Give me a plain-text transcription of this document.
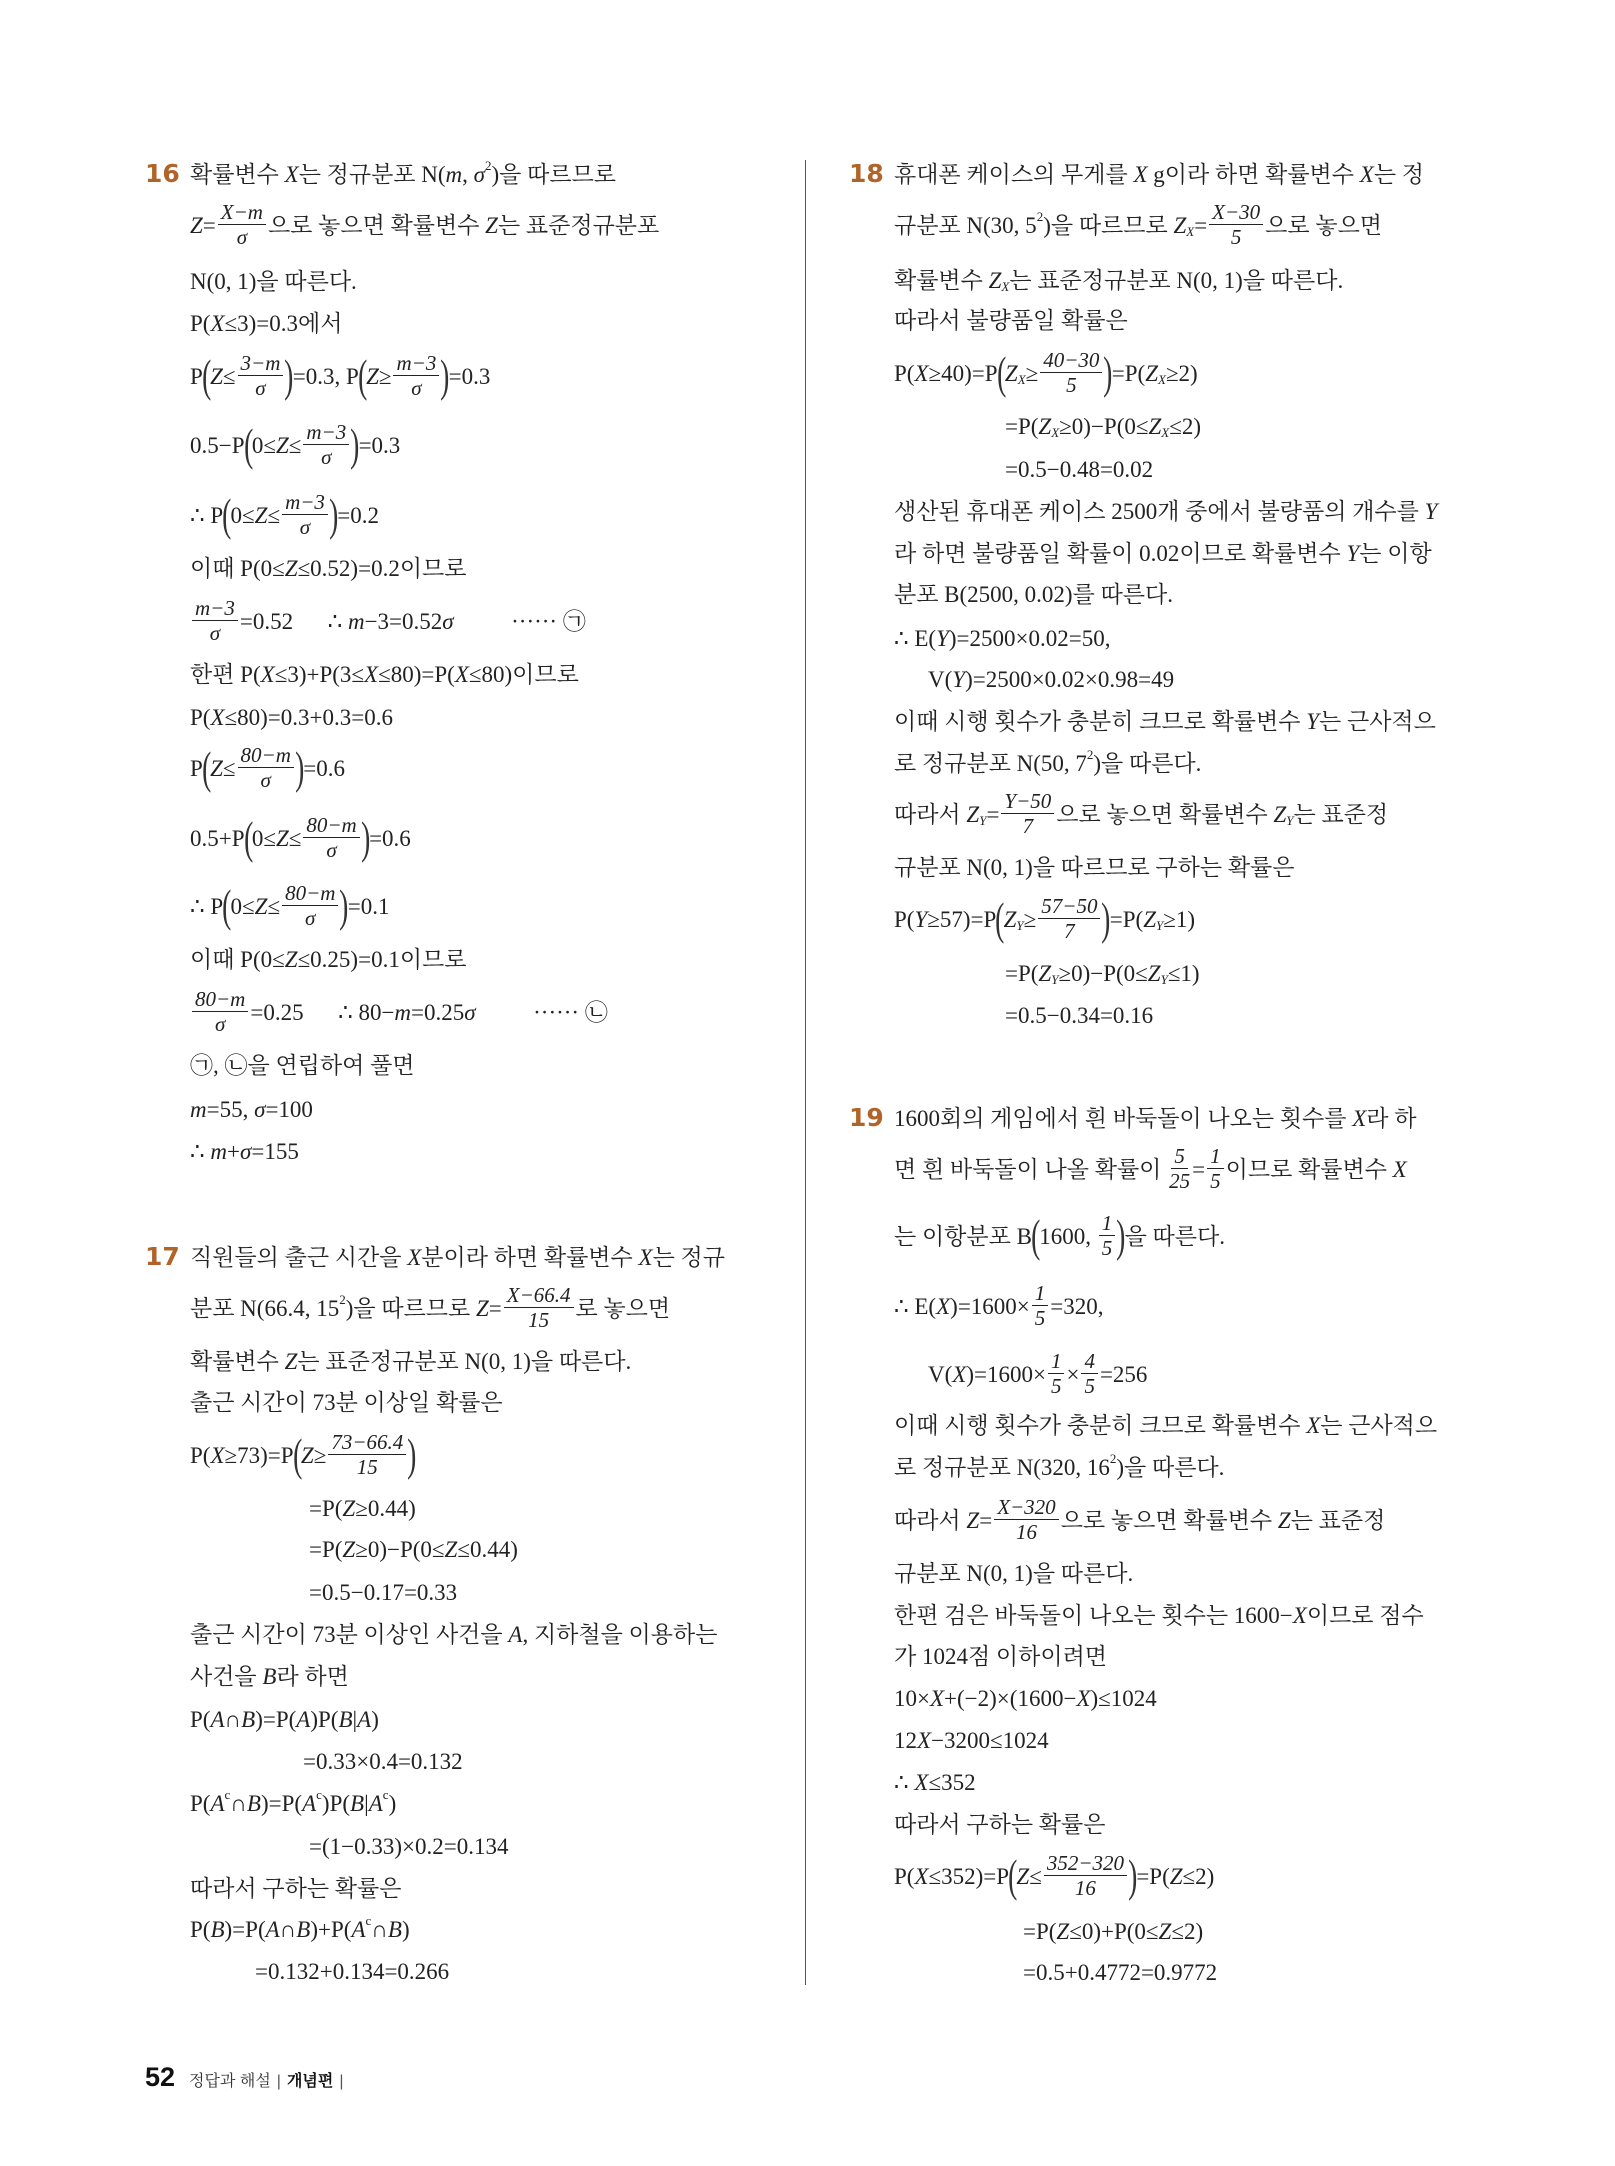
52 정답과 해설 | 개념편 |
16 확률변수 X 는 정규분포 N( m , σ 2 )을 따르므로
$Z = \frac{X-m}{\sigma}$ 으로 놓으면 확률변수 Z 는 표준정규분포
N(0, 1)을 따른다.
P( X ≤3)=0.3에서
P ( $Z \le \frac{3-m}{\sigma}$ ) =0.3, P ( $Z \ge \frac{m-3}{\sigma}$ ) =0.3
0.5−P ( $0\le Z \le \frac{m-3}{\sigma}$ ) =0.3
∴ P ( $0\le Z \le \frac{m-3}{\sigma}$ ) =0.2
이때 P(0≤ Z ≤0.52)=0.2이므로
$\frac{m-3}{\sigma} =0.52$      ∴ m −3=0.52 σ ······ ㉠
한편 P( X ≤3)+P(3≤ X ≤80)=P( X ≤80)이므로
P( X ≤80)=0.3+0.3=0.6
P ( $Z \le \frac{80-m}{\sigma}$ ) =0.6
0.5+P ( $0\le Z \le \frac{80-m}{\sigma}$ ) =0.6
∴ P ( $0\le Z \le \frac{80-m}{\sigma}$ ) =0.1
이때 P(0≤ Z ≤0.25)=0.1이므로
$\frac{80-m}{\sigma} =0.25$      ∴ 80− m =0.25 σ ······ ㉡
㉠, ㉡을 연립하여 풀면
m =55, σ =100
∴ m + σ =155
17 직원들의 출근 시간을 X 분이라 하면 확률변수 X 는 정규
분포 N(66.4, 15 2 )을 따르므로 $Z = \frac{X-66.4}{15}$ 로 놓으면
확률변수 Z 는 표준정규분포 N(0, 1)을 따른다.
출근 시간이 73분 이상일 확률은
P( X ≥73)=P ( $Z \ge \frac{73-66.4}{15}$ )
=P( Z ≥0.44)
=P( Z ≥0)−P(0≤ Z ≤0.44)
=0.5−0.17=0.33
출근 시간이 73분 이상인 사건을 A , 지하철을 이용하는
사건을 B 라 하면
P( A ∩ B )=P( A )P( B | A )
=0.33×0.4=0.132
P( A c ∩ B )=P( A c )P( B | A c )
=(1−0.33)×0.2=0.134
따라서 구하는 확률은
P( B )=P( A ∩ B )+P( A c ∩ B )
=0.132+0.134=0.266
18 휴대폰 케이스의 무게를 X g이라 하면 확률변수 X 는 정
규분포 N(30, 5 2 )을 따르므로 Z $X = \frac{X-30}{5}$ 으로 놓으면
확률변수 Z X 는 표준정규분포 N(0, 1)을 따른다.
따라서 불량품일 확률은
P( X ≥40)=P ( Z $X \ge \frac{40-30}{5}$ ) =P( Z X ≥2)
=P( Z X ≥0)−P(0≤ Z X ≤2)
=0.5−0.48=0.02
생산된 휴대폰 케이스 2500개 중에서 불량품의 개수를 Y
라 하면 불량품일 확률이 0.02이므로 확률변수 Y 는 이항
분포 B(2500, 0.02)를 따른다.
∴ E( Y )=2500×0.02=50,
V( Y )=2500×0.02×0.98=49
이때 시행 횟수가 충분히 크므로 확률변수 Y 는 근사적으
로 정규분포 N(50, 7 2 )을 따른다.
따라서 Z $Y = \frac{Y-50}{7}$ 으로 놓으면 확률변수 Z Y 는 표준정
규분포 N(0, 1)을 따르므로 구하는 확률은
P( Y ≥57)=P ( Z $Y \ge \frac{57-50}{7}$ ) =P( Z Y ≥1)
=P( Z Y ≥0)−P(0≤ Z Y ≤1)
=0.5−0.34=0.16
19 1600회의 게임에서 흰 바둑돌이 나오는 횟수를 X 라 하
면 흰 바둑돌이 나올 확률이 $\frac{5}{25} = \frac{1}{5}$ 이므로 확률변수 X
는 이항분포 B ( 1600, $\frac{1}{5}$ ) 을 따른다.
∴ E( X )$=1600\times \frac{1}{5} =320$,
V( X )$=1600\times \frac{1}{5} \times \frac{4}{5} =256$
이때 시행 횟수가 충분히 크므로 확률변수 X 는 근사적으
로 정규분포 N(320, 16 2 )을 따른다.
따라서 $Z = \frac{X-320}{16}$ 으로 놓으면 확률변수 Z 는 표준정
규분포 N(0, 1)을 따른다.
한편 검은 바둑돌이 나오는 횟수는 1600− X 이므로 점수
가 1024점 이하이려면
10× X +(−2)×(1600− X )≤1024
12 X −3200≤1024
∴ X ≤352
따라서 구하는 확률은
P( X ≤352)=P ( $Z \le \frac{352-320}{16}$ ) =P( Z ≤2)
=P( Z ≤0)+P(0≤ Z ≤2)
=0.5+0.4772=0.9772
